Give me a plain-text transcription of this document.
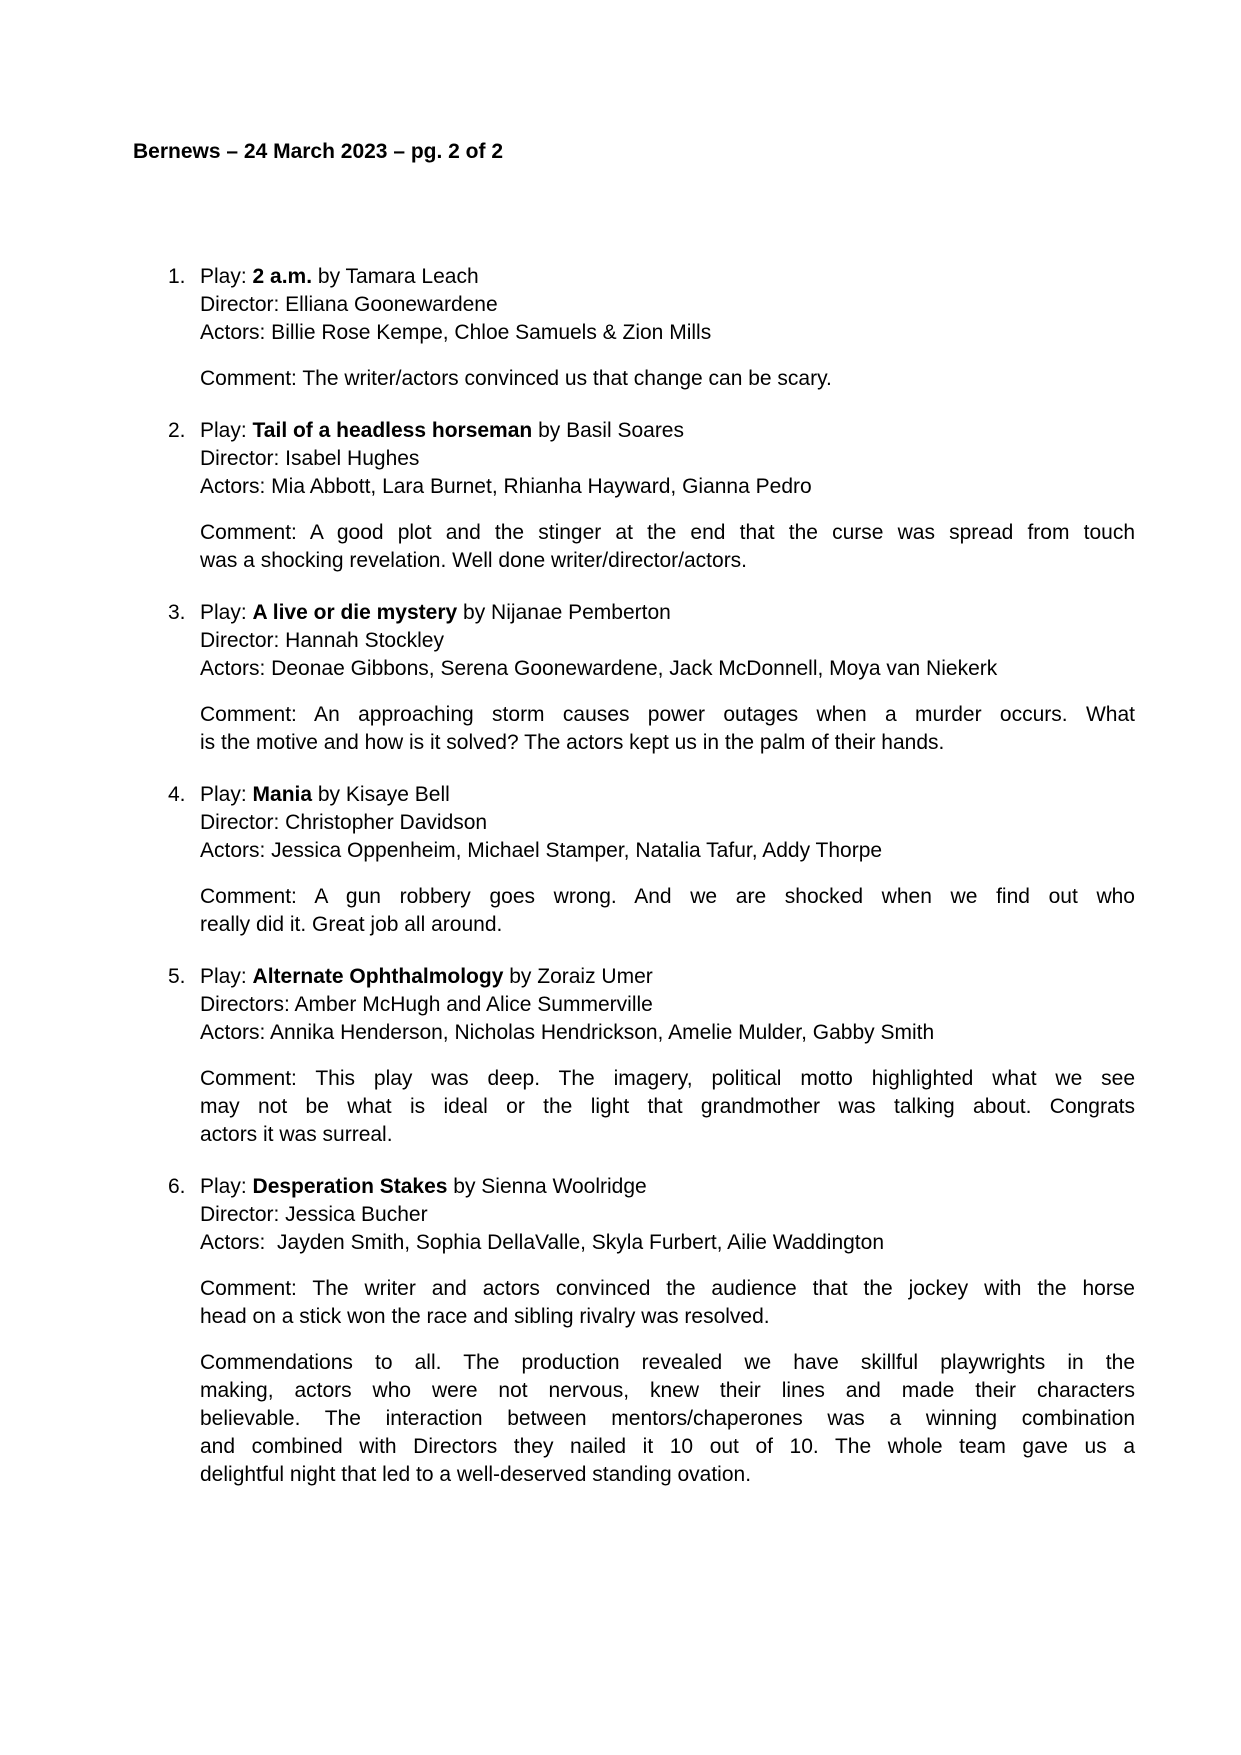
Bernews – 24 March 2023 – pg. 2 of 2
1. Play: 2 a.m. by Tamara Leach
Director: Elliana Goonewardene
Actors: Billie Rose Kempe, Chloe Samuels & Zion Mills
Comment: The writer/actors convinced us that change can be scary.
2. Play: Tail of a headless horseman by Basil Soares
Director: Isabel Hughes
Actors: Mia Abbott, Lara Burnet, Rhianha Hayward, Gianna Pedro
Comment: A good plot and the stinger at the end that the curse was spread from touch
was a shocking revelation. Well done writer/director/actors.
3. Play: A live or die mystery by Nijanae Pemberton
Director: Hannah Stockley
Actors: Deonae Gibbons, Serena Goonewardene, Jack McDonnell, Moya van Niekerk
Comment: An approaching storm causes power outages when a murder occurs. What
is the motive and how is it solved? The actors kept us in the palm of their hands.
4. Play: Mania by Kisaye Bell
Director: Christopher Davidson
Actors: Jessica Oppenheim, Michael Stamper, Natalia Tafur, Addy Thorpe
Comment: A gun robbery goes wrong. And we are shocked when we find out who
really did it. Great job all around.
5. Play: Alternate Ophthalmology by Zoraiz Umer
Directors: Amber McHugh and Alice Summerville
Actors: Annika Henderson, Nicholas Hendrickson, Amelie Mulder, Gabby Smith
Comment: This play was deep. The imagery, political motto highlighted what we see
may not be what is ideal or the light that grandmother was talking about. Congrats
actors it was surreal.
6. Play: Desperation Stakes by Sienna Woolridge
Director: Jessica Bucher
Actors:  Jayden Smith, Sophia DellaValle, Skyla Furbert, Ailie Waddington
Comment: The writer and actors convinced the audience that the jockey with the horse
head on a stick won the race and sibling rivalry was resolved.
Commendations to all. The production revealed we have skillful playwrights in the
making, actors who were not nervous, knew their lines and made their characters
believable. The interaction between mentors/chaperones was a winning combination
and combined with Directors they nailed it 10 out of 10. The whole team gave us a
delightful night that led to a well-deserved standing ovation.
